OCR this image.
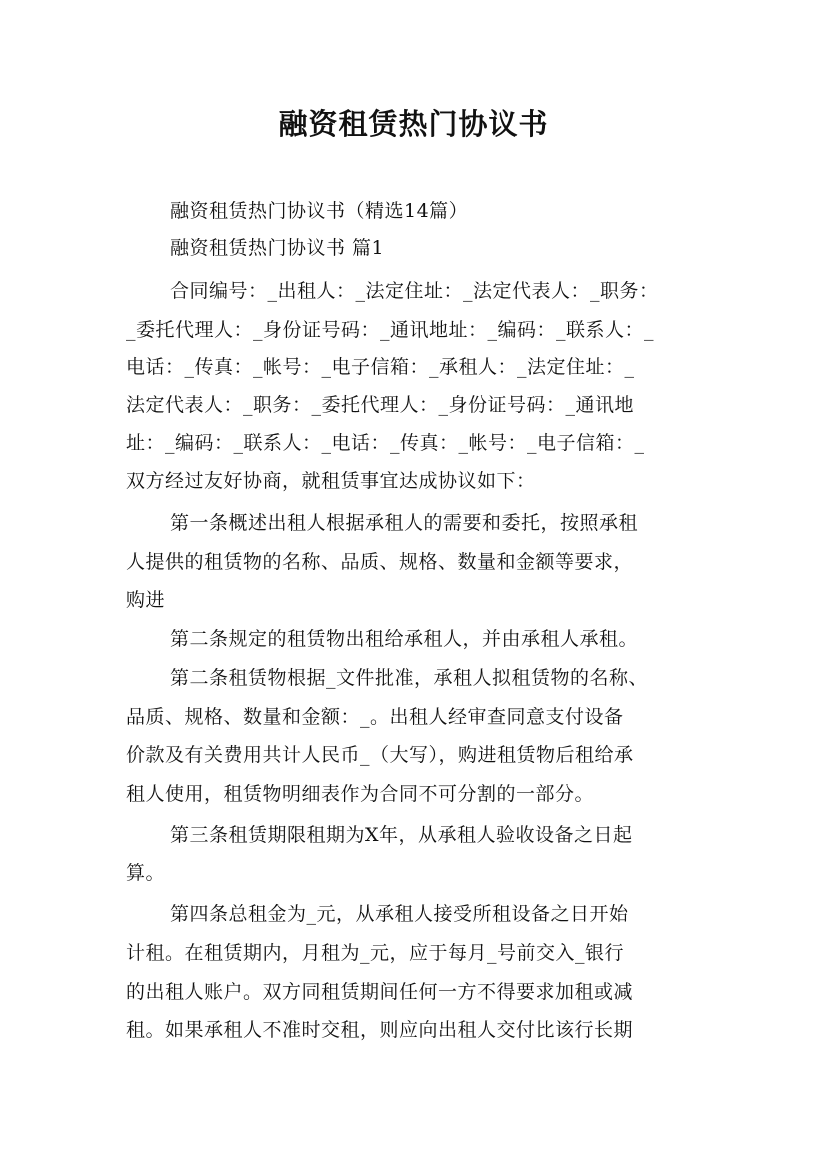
融资租赁热门协议书

融资租赁热门协议书（精选14篇）

融资租赁热门协议书 篇1

合同编号：_出租人：_法定住址：_法定代表人：_职务：

_委托代理人：_身份证号码：_通讯地址：_编码：_联系人：_

电话：_传真：_帐号：_电子信箱：_承租人：_法定住址：_

法定代表人：_职务：_委托代理人：_身份证号码：_通讯地

址：_编码：_联系人：_电话：_传真：_帐号：_电子信箱：_

双方经过友好协商，就租赁事宜达成协议如下：

第一条概述出租人根据承租人的需要和委托，按照承租

人提供的租赁物的名称、品质、规格、数量和金额等要求，

购进

第二条规定的租赁物出租给承租人，并由承租人承租。

第二条租赁物根据_文件批准，承租人拟租赁物的名称、

品质、规格、数量和金额：_。出租人经审查同意支付设备

价款及有关费用共计人民币_（大写），购进租赁物后租给承

租人使用，租赁物明细表作为合同不可分割的一部分。

第三条租赁期限租期为X年，从承租人验收设备之日起

算。

第四条总租金为_元，从承租人接受所租设备之日开始

计租。在租赁期内，月租为_元，应于每月_号前交入_银行

的出租人账户。双方同租赁期间任何一方不得要求加租或减

租。如果承租人不准时交租，则应向出租人交付比该行长期
